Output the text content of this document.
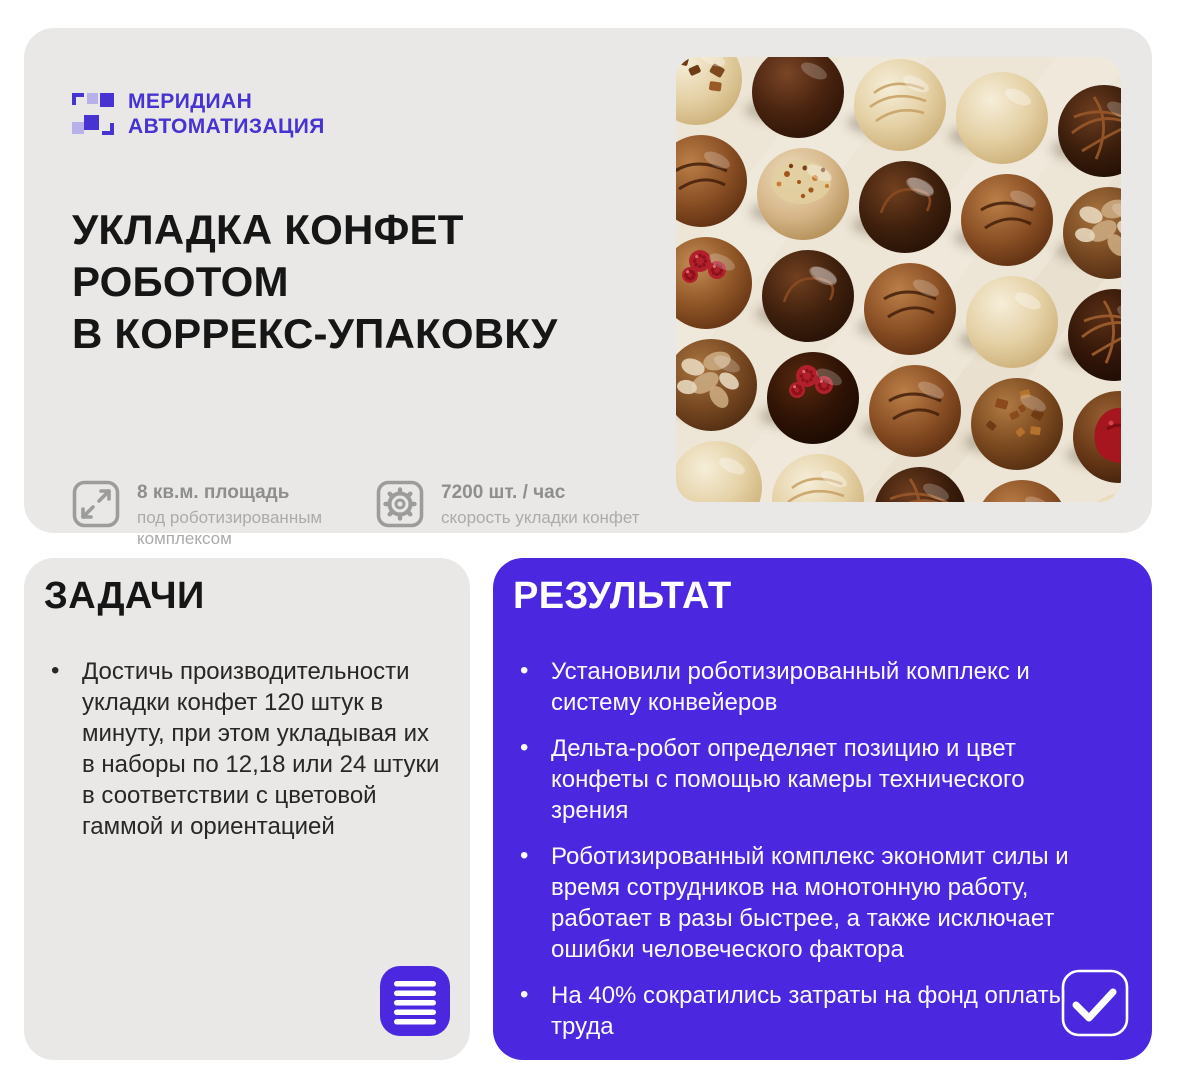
МЕРИДИАН
АВТОМАТИЗАЦИЯ
УКЛАДКА КОНФЕТ
РОБОТОМ
В КОРРЕКС-УПАКОВКУ
8 кв.м. площадь
под роботизированным комплексом
7200 шт. / час
скорость укладки конфет
ЗАДАЧИ
• Достичь производительности укладки конфет 120 штук в минуту, при этом укладывая их в наборы по 12,18 или 24 штуки в соответствии с цветовой гаммой и ориентацией
РЕЗУЛЬТАТ
• Установили роботизированный комплекс и систему конвейеров
• Дельта-робот определяет позицию и цвет конфеты с помощью камеры технического зрения
• Роботизированный комплекс экономит силы и время сотрудников на монотонную работу, работает в разы быстрее, а также исключает ошибки человеческого фактора
• На 40% сократились затраты на фонд оплаты труда
